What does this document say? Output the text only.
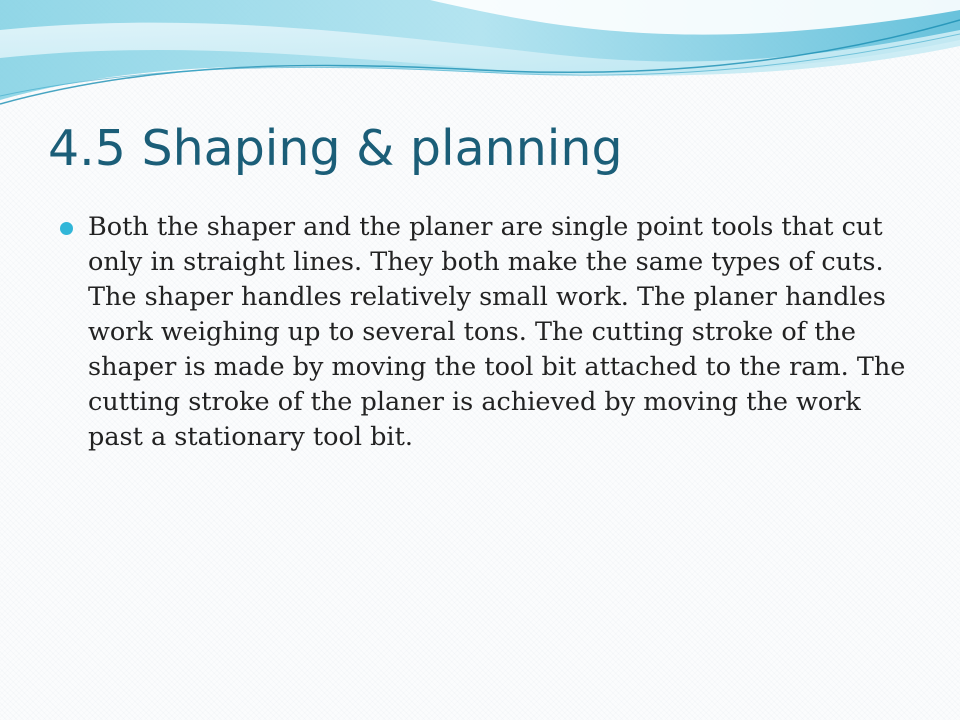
4.5 Shaping & planning
Both the shaper and the planer are single point tools that cut only in straight lines. They both make the same types of cuts. The shaper handles relatively small work. The planer handles work weighing up to several tons. The cutting stroke of the shaper is made by moving the tool bit attached to the ram. The cutting stroke of the planer is achieved by moving the work past a stationary tool bit.
